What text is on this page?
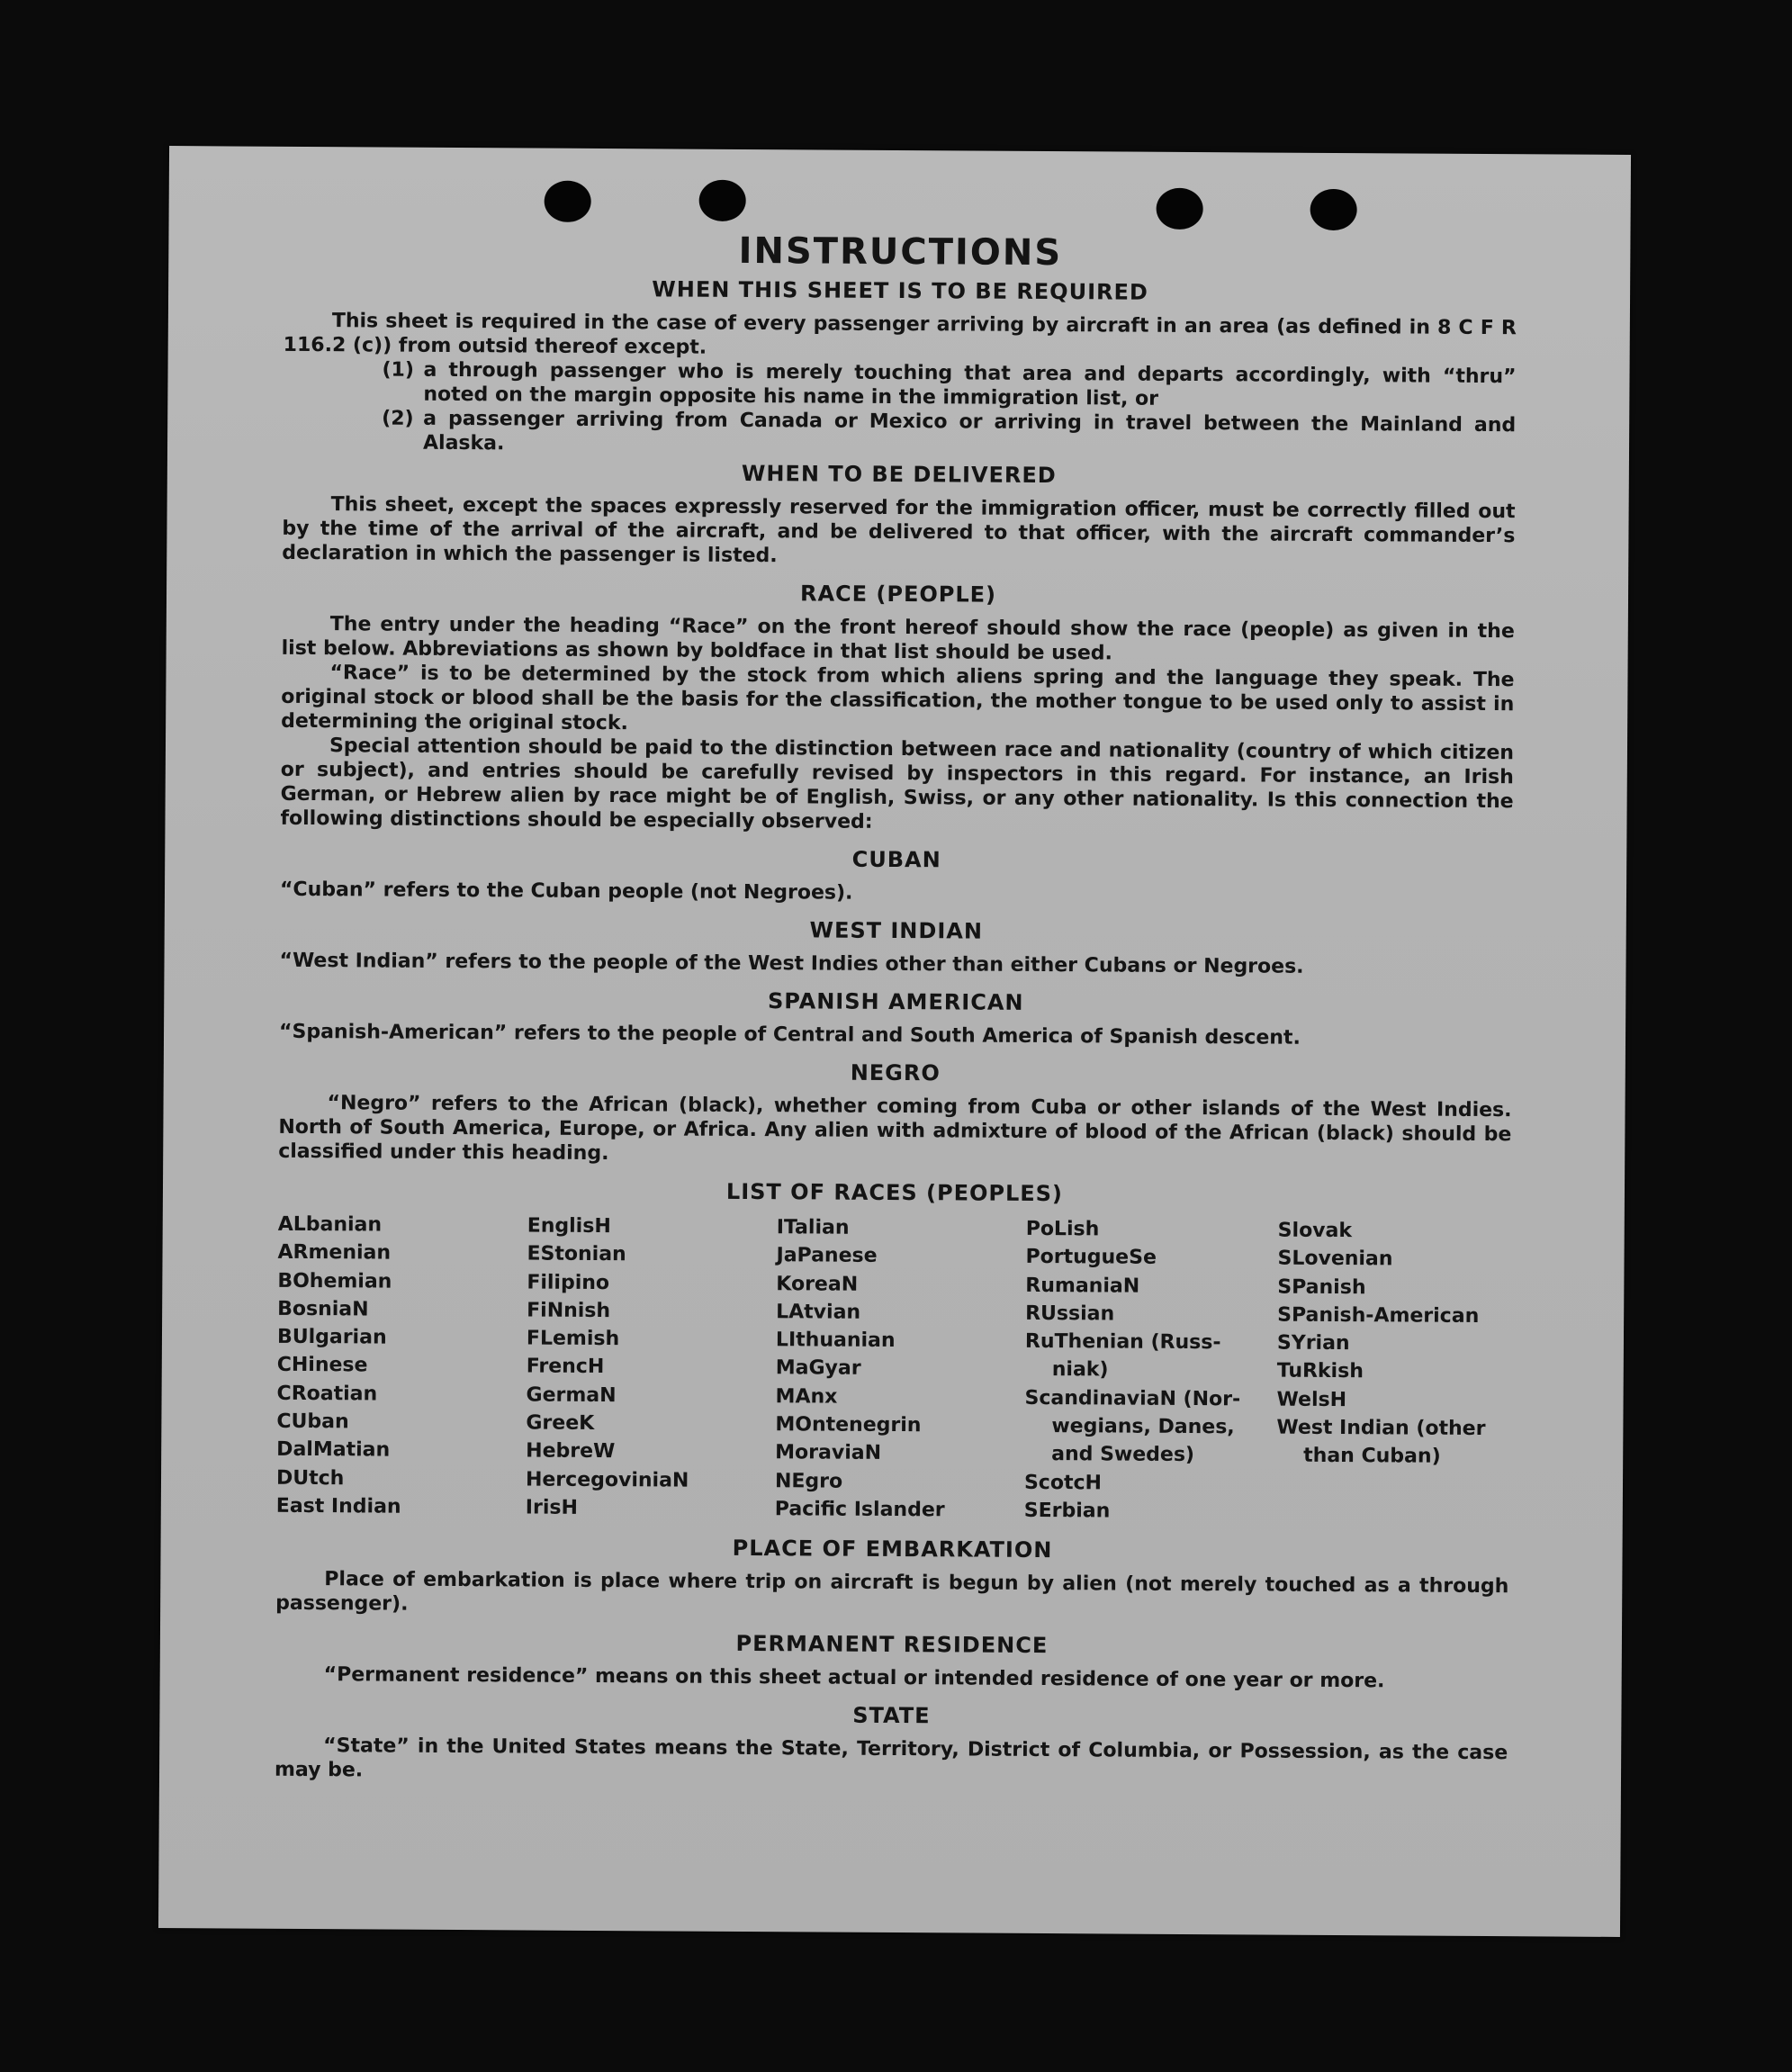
INSTRUCTIONS
WHEN THIS SHEET IS TO BE REQUIRED

This sheet is required in the case of every passenger arriving by aircraft in an area (as defined in 8 C F R 116.2 (c)) from outsid thereof except.

(1) a through passenger who is merely touching that area and departs accordingly, with “thru” noted on the margin opposite his name in the immigration list, or
(2) a passenger arriving from Canada or Mexico or arriving in travel between the Mainland and Alaska.
WHEN TO BE DELIVERED

This sheet, except the spaces expressly reserved for the immigration officer, must be correctly filled out by the time of the arrival of the aircraft, and be delivered to that officer, with the aircraft commander’s declaration in which the passenger is listed.

RACE (PEOPLE)

The entry under the heading “Race” on the front hereof should show the race (people) as given in the list below. Abbreviations as shown by boldface in that list should be used.

“Race” is to be determined by the stock from which aliens spring and the language they speak. The original stock or blood shall be the basis for the classification, the mother tongue to be used only to assist in determining the original stock.

Special attention should be paid to the distinction between race and nationality (country of which citizen or subject), and entries should be carefully revised by inspectors in this regard. For instance, an Irish German, or Hebrew alien by race might be of English, Swiss, or any other nationality. Is this connection the following distinctions should be especially observed:

CUBAN

“Cuban” refers to the Cuban people (not Negroes).

WEST INDIAN

“West Indian” refers to the people of the West Indies other than either Cubans or Negroes.

SPANISH AMERICAN

“Spanish-American” refers to the people of Central and South America of Spanish descent.

NEGRO

“Negro” refers to the African (black), whether coming from Cuba or other islands of the West Indies. North of South America, Europe, or Africa. Any alien with admixture of blood of the African (black) should be classified under this heading.

LIST OF RACES (PEOPLES)
ALbanian
ARmenian
BOhemian
BosniaN
BUlgarian
CHinese
CRoatian
CUban
DalMatian
DUtch
East Indian
EnglisH
EStonian
Filipino
FiNnish
FLemish
FrencH
GermaN
GreeK
HebreW
HercegoviniaN
IrisH
ITalian
JaPanese
KoreaN
LAtvian
LIthuanian
MaGyar
MAnx
MOntenegrin
MoraviaN
NEgro
Pacific Islander
PoLish
PortugueSe
RumaniaN
RUssian
RuThenian (Russ-
niak)
ScandinaviaN (Nor-
wegians, Danes,
and Swedes)
ScotcH
SErbian
Slovak
SLovenian
SPanish
SPanish-American
SYrian
TuRkish
WelsH
West Indian (other
than Cuban)
PLACE OF EMBARKATION

Place of embarkation is place where trip on aircraft is begun by alien (not merely touched as a through passenger).

PERMANENT RESIDENCE

“Permanent residence” means on this sheet actual or intended residence of one year or more.

STATE

“State” in the United States means the State, Territory, District of Columbia, or Possession, as the case may be.
